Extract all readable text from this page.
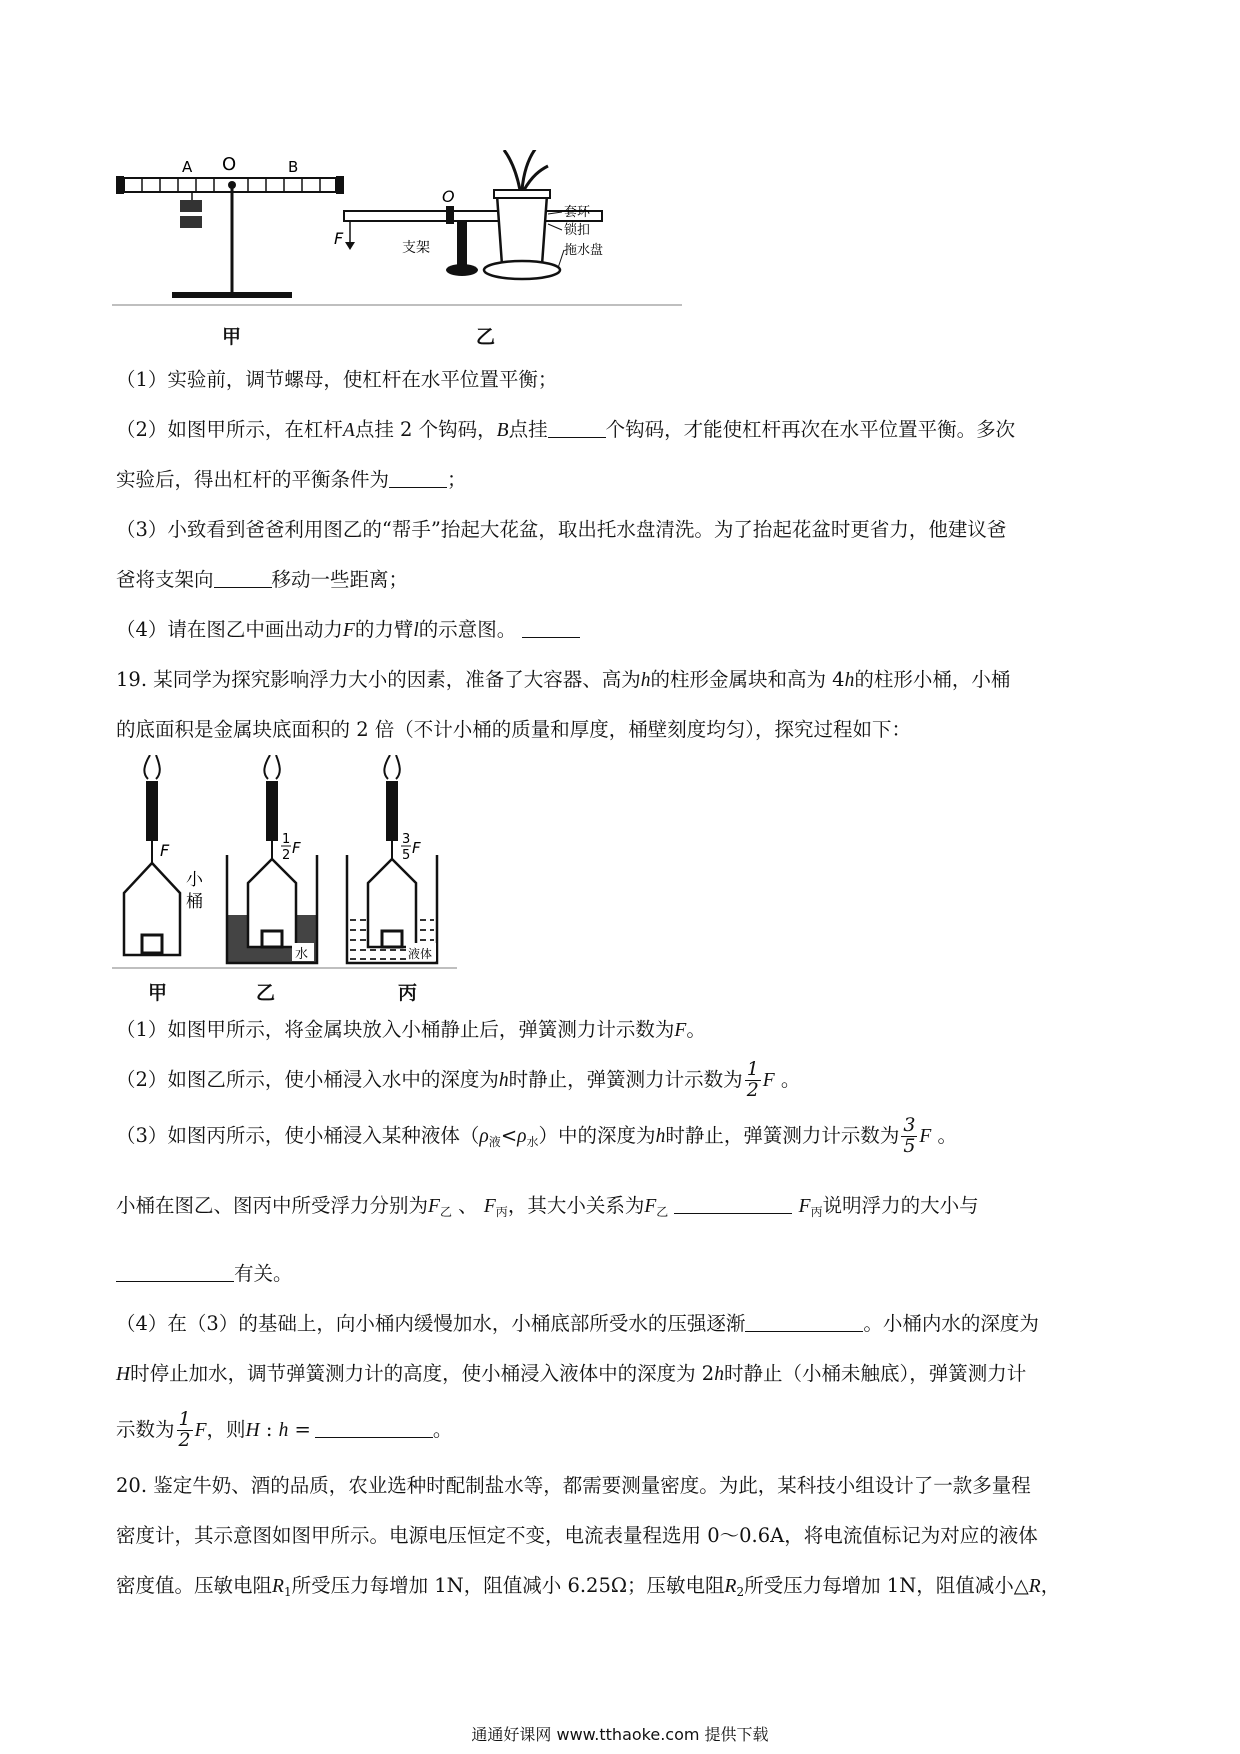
A O	B
F
O
支架
套环
锁扣
拖水盘
甲	乙
（1）实验前，调节螺母，使杠杆在水平位置平衡；
（2）如图甲所示，在杠杆A点挂 2 个钩码，B点挂	个钩码，才能使杠杆再次在水平位置平衡。多次
实验后，得出杠杆的平衡条件为	；
（3）小致看到爸爸利用图乙的“帮手”抬起大花盆，取出托水盘清洗。为了抬起花盆时更省力，他建议爸
爸将支架向	移动一些距离；
（4）请在图乙中画出动力F的力臂l的示意图。
19. 某同学为探究影响浮力大小的因素，准备了大容器、高为h的柱形金属块和高为 4h的柱形小桶，小桶
的底面积是金属块底面积的 2 倍（不计小桶的质量和厚度，桶壁刻度均匀），探究过程如下：
F
小
桶
1
2 F
水
3
5 F
液体
甲	乙	丙
（1）如图甲所示，将金属块放入小桶静止后，弹簧测力计示数为F。
（2）如图乙所示，使小桶浸入水中的深度为h时静止，弹簧测力计示数为 $\frac{1}{2}$ F 。
（3）如图丙所示，使小桶浸入某种液体$(\rho_液<\rho_水)$中的深度为h时静止，弹簧测力计示数为 $\frac{3}{5}$ F 。
小桶在图乙、图丙中所受浮力分别为$F_乙$ 、 $F_丙$，其大小关系为$F_乙$	$F_丙$说明浮力的大小与
有关。
（4）在（3）的基础上，向小桶内缓慢加水，小桶底部所受水的压强逐渐	。小桶内水的深度为
H时停止加水，调节弹簧测力计的高度，使小桶浸入液体中的深度为 2h时静止（小桶未触底），弹簧测力计
示数为 $\frac{1}{2}$ F，则H : h =	。
20. 鉴定牛奶、酒的品质，农业选种时配制盐水等，都需要测量密度。为此，某科技小组设计了一款多量程
密度计，其示意图如图甲所示。电源电压恒定不变，电流表量程选用 0～0.6A，将电流值标记为对应的液体
密度值。压敏电阻$R_1$所受压力每增加 1N，阻值减小 6.25Ω；压敏电阻$R_2$所受压力每增加 1N，阻值减小△R，
通通好课网 www.tthaoke.com 提供下载
